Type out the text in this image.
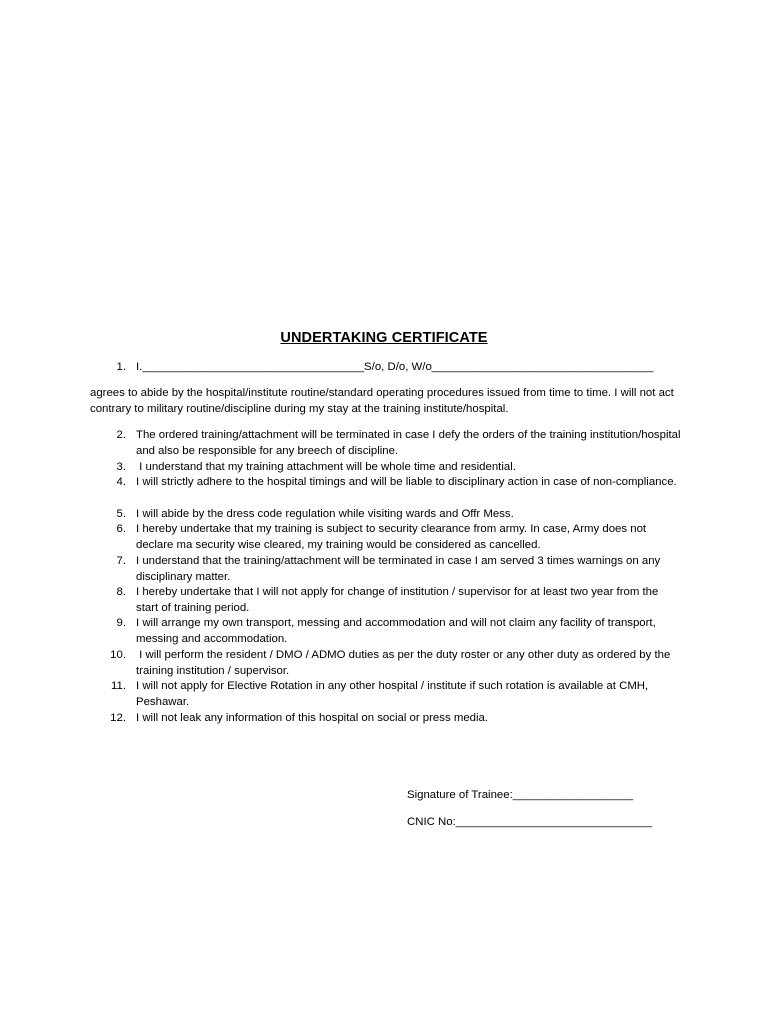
UNDERTAKING CERTIFICATE
1. I.___________________________________S/o, D/o, W/o___________________________________
agrees to abide by the hospital/institute routine/standard operating procedures issued from time to time. I will not act contrary to military routine/discipline during my stay at the training institute/hospital.
2. The ordered training/attachment will be terminated in case I defy the orders of the training institution/hospital and also be responsible for any breech of discipline.
3. I understand that my training attachment will be whole time and residential.
4. I will strictly adhere to the hospital timings and will be liable to disciplinary action in case of non-compliance.
5. I will abide by the dress code regulation while visiting wards and Offr Mess.
6. I hereby undertake that my training is subject to security clearance from army. In case, Army does not declare ma security wise cleared, my training would be considered as cancelled.
7. I understand that the training/attachment will be terminated in case I am served 3 times warnings on any disciplinary matter.
8. I hereby undertake that I will not apply for change of institution / supervisor for at least two year from the start of training period.
9. I will arrange my own transport, messing and accommodation and will not claim any facility of transport, messing and accommodation.
10. I will perform the resident / DMO / ADMO duties as per the duty roster or any other duty as ordered by the training institution / supervisor.
11. I will not apply for Elective Rotation in any other hospital / institute if such rotation is available at CMH, Peshawar.
12. I will not leak any information of this hospital on social or press media.
Signature of Trainee:___________________
CNIC No:_______________________________
